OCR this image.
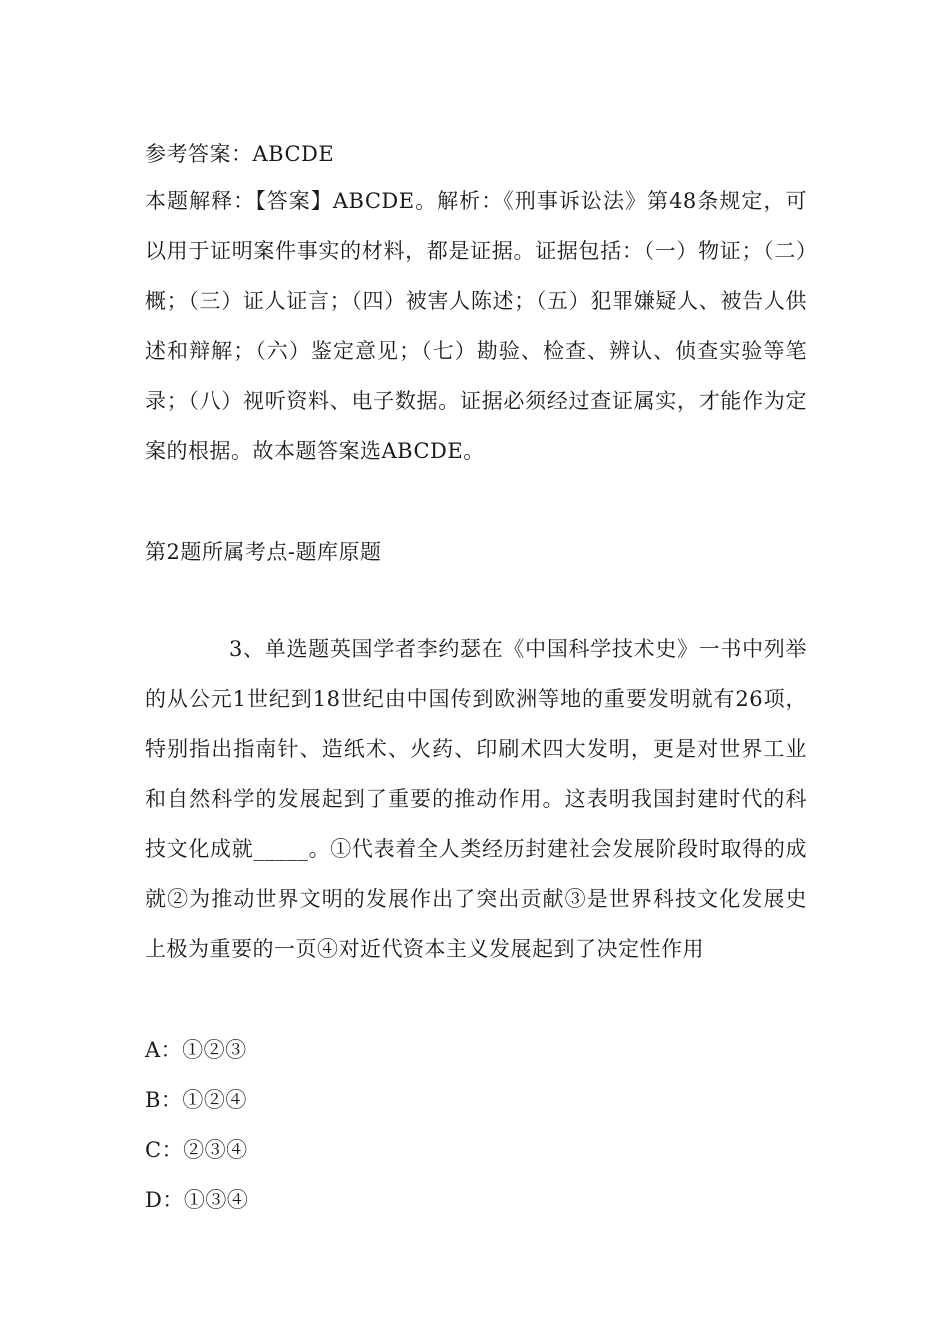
参考答案：ABCDE
本题解释：【答案】ABCDE。解析：《刑事诉讼法》第48条规定，可以用于证明案件事实的材料，都是证据。证据包括：（一）物证；（二）概；（三）证人证言；（四）被害人陈述；（五）犯罪嫌疑人、被告人供述和辩解；（六）鉴定意见；（七）勘验、检查、辨认、侦查实验等笔录；（八）视听资料、电子数据。证据必须经过查证属实，才能作为定案的根据。故本题答案选ABCDE。
第2题所属考点-题库原题
3、单选题英国学者李约瑟在《中国科学技术史》一书中列举的从公元1世纪到18世纪由中国传到欧洲等地的重要发明就有26项，特别指出指南针、造纸术、火药、印刷术四大发明，更是对世界工业和自然科学的发展起到了重要的推动作用。这表明我国封建时代的科技文化成就_____。①代表着全人类经历封建社会发展阶段时取得的成就②为推动世界文明的发展作出了突出贡献③是世界科技文化发展史上极为重要的一页④对近代资本主义发展起到了决定性作用
A：①②③
B：①②④
C：②③④
D：①③④
